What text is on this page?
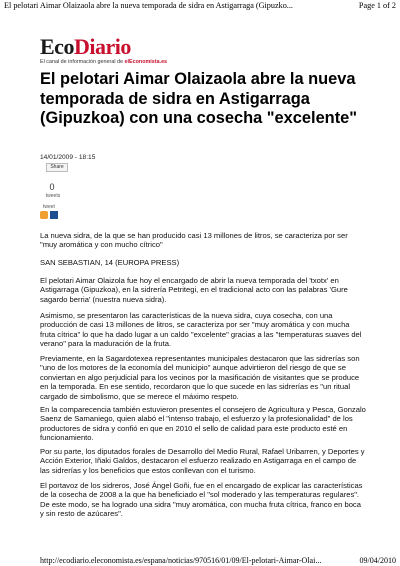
El pelotari Aimar Olaizaola abre la nueva temporada de sidra en Astigarraga (Gipuzko...	Page 1 of 2
EcoDiario
El canal de información general de elEconomista.es
El pelotari Aimar Olaizaola abre la nueva temporada de sidra en Astigarraga (Gipuzkoa) con una cosecha "excelente"
14/01/2009 - 18:15
Share
0
tweets
tweet

La nueva sidra, de la que se han producido casi 13 millones de litros, se caracteriza por ser "muy aromática y con mucho cítrico"

SAN SEBASTIAN, 14 (EUROPA PRESS)

El pelotari Aimar Olaizola fue hoy el encargado de abrir la nueva temporada del 'txotx' en Astigarraga (Gipuzkoa), en la sidrería Petritegi, en el tradicional acto con las palabras 'Gure sagardo berria' (nuestra nueva sidra).

Asimismo, se presentaron las características de la nueva sidra, cuya cosecha, con una producción de casi 13 millones de litros, se caracteriza por ser "muy aromática y con mucha fruta cítrica" lo que ha dado lugar a un caldo "excelente" gracias a las "temperaturas suaves del verano" para la maduración de la fruta.

Previamente, en la Sagardotexea representantes municipales destacaron que las sidrerías son "uno de los motores de la economía del municipio" aunque advirtieron del riesgo de que se conviertan en algo perjudicial para los vecinos por la masificación de visitantes que se produce en la temporada. En ese sentido, recordaron que lo que sucede en las sidrerías es "un ritual cargado de simbolismo, que se merece el máximo respeto.

En la comparecencia también estuvieron presentes el consejero de Agricultura y Pesca, Gonzalo Saenz de Samaniego, quien alabó el "intenso trabajo, el esfuerzo y la profesionalidad" de los productores de sidra y confió en que en 2010 el sello de calidad para este producto esté en funcionamiento.

Por su parte, los diputados forales de Desarrollo del Medio Rural, Rafael Uribarren, y Deportes y Acción Exterior, Iñaki Galdos, destacaron el esfuerzo realizado en Astigarraga en el campo de las sidrerías y los beneficios que estos conllevan con el turismo.

El portavoz de los sidreros, José Ángel Goñi, fue en el encargado de explicar las características de la cosecha de 2008 a la que ha beneficiado el "sol moderado y las temperaturas regulares". De este modo, se ha logrado una sidra "muy aromática, con mucha fruta cítrica, franco en boca y sin resto de azúcares".

http://ecodiario.eleconomista.es/espana/noticias/970516/01/09/El-pelotari-Aimar-Olai...	09/04/2010
